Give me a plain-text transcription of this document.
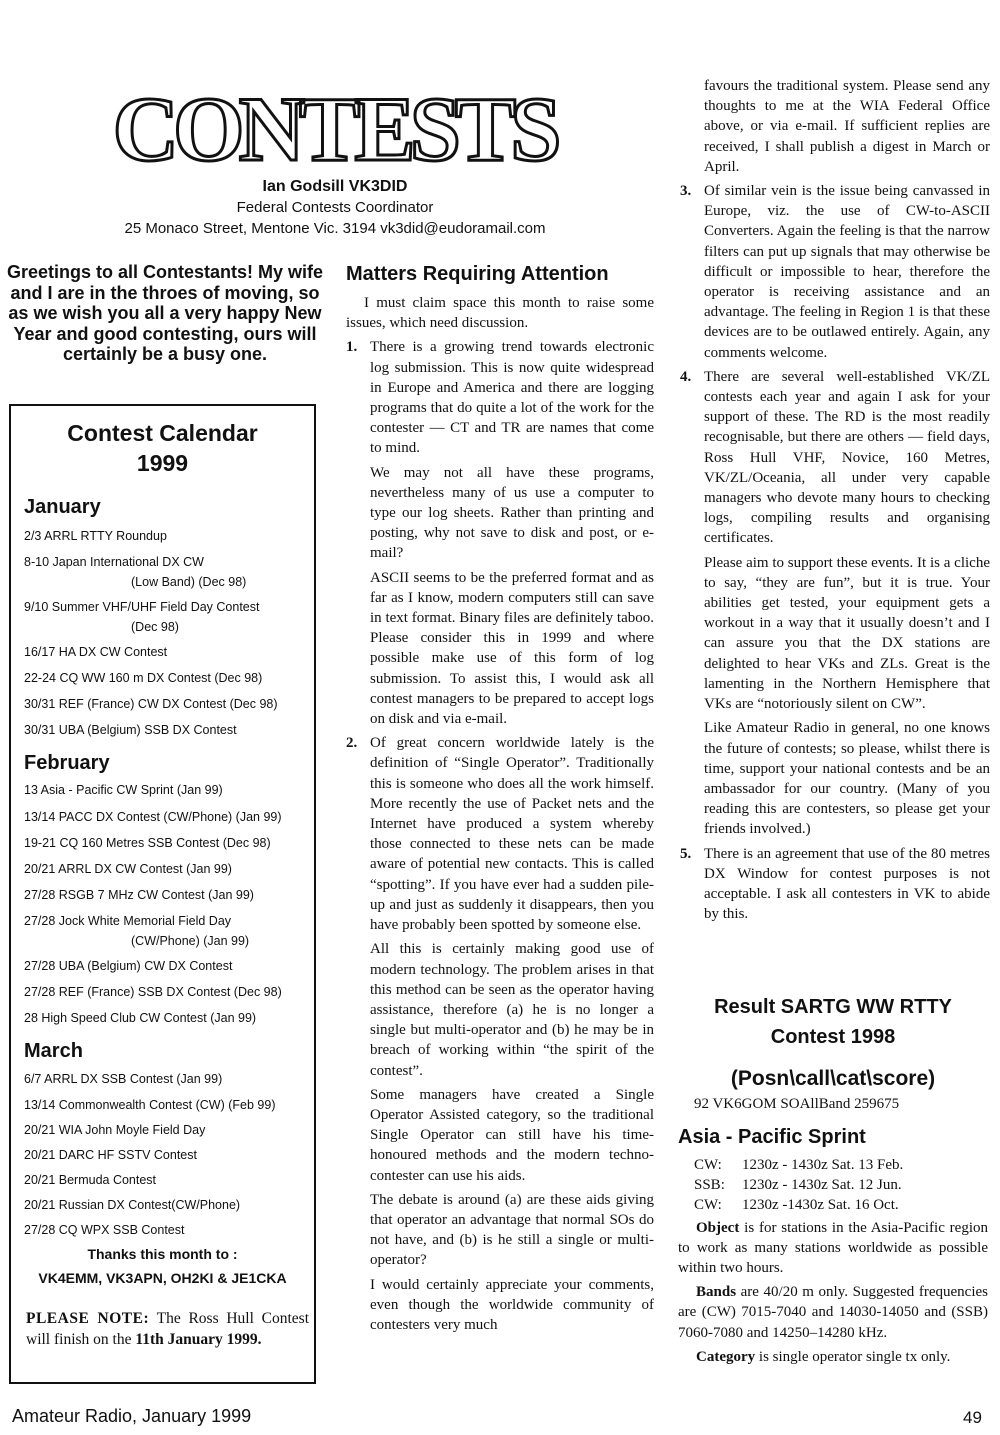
CONTESTS
Ian Godsill VK3DID
Federal Contests Coordinator
25 Monaco Street, Mentone Vic. 3194 vk3did@eudoramail.com
Greetings to all Contestants! My wife and I are in the throes of moving, so as we wish you all a very happy New Year and good contesting, ours will certainly be a busy one.
Contest Calendar
1999
January
2/3 ARRL RTTY Roundup
8-10 Japan International DX CW
(Low Band) (Dec 98)
9/10 Summer VHF/UHF Field Day Contest
(Dec 98)
16/17 HA DX CW Contest
22-24 CQ WW 160 m DX Contest (Dec 98)
30/31 REF (France) CW DX Contest (Dec 98)
30/31 UBA (Belgium) SSB DX Contest
February
13 Asia - Pacific CW Sprint (Jan 99)
13/14 PACC DX Contest (CW/Phone) (Jan 99)
19-21 CQ 160 Metres SSB Contest (Dec 98)
20/21 ARRL DX CW Contest (Jan 99)
27/28 RSGB 7 MHz CW Contest (Jan 99)
27/28 Jock White Memorial Field Day
(CW/Phone) (Jan 99)
27/28 UBA (Belgium) CW DX Contest
27/28 REF (France) SSB DX Contest (Dec 98)
28 High Speed Club CW Contest (Jan 99)
March
6/7 ARRL DX SSB Contest (Jan 99)
13/14 Commonwealth Contest (CW) (Feb 99)
20/21 WIA John Moyle Field Day
20/21 DARC HF SSTV Contest
20/21 Bermuda Contest
20/21 Russian DX Contest(CW/Phone)
27/28 CQ WPX SSB Contest
Thanks this month to :
VK4EMM, VK3APN, OH2KI & JE1CKA
PLEASE NOTE: The Ross Hull Contest will finish on the 11th January 1999.
Matters Requiring Attention

I must claim space this month to raise some issues, which need discussion.

1. There is a growing trend towards electronic log submission. This is now quite widespread in Europe and America and there are logging programs that do quite a lot of the work for the contester — CT and TR are names that come to mind.

We may not all have these programs, nevertheless many of us use a computer to type our log sheets. Rather than printing and posting, why not save to disk and post, or e-mail?

ASCII seems to be the preferred format and as far as I know, modern computers still can save in text format. Binary files are definitely taboo. Please consider this in 1999 and where possible make use of this form of log submission. To assist this, I would ask all contest managers to be prepared to accept logs on disk and via e-mail.

2. Of great concern worldwide lately is the definition of “Single Operator”. Traditionally this is someone who does all the work himself. More recently the use of Packet nets and the Internet have produced a system whereby those connected to these nets can be made aware of potential new contacts. This is called “spotting”. If you have ever had a sudden pile-up and just as suddenly it disappears, then you have probably been spotted by someone else.

All this is certainly making good use of modern technology. The problem arises in that this method can be seen as the operator having assistance, therefore (a) he is no longer a single but multi-operator and (b) he may be in breach of working within “the spirit of the contest”.

Some managers have created a Single Operator Assisted category, so the traditional Single Operator can still have his time-honoured methods and the modern techno-contester can use his aids.

The debate is around (a) are these aids giving that operator an advantage that normal SOs do not have, and (b) is he still a single or multi-operator?

I would certainly appreciate your comments, even though the worldwide community of contesters very much

favours the traditional system. Please send any thoughts to me at the WIA Federal Office above, or via e-mail. If sufficient replies are received, I shall publish a digest in March or April.

3. Of similar vein is the issue being canvassed in Europe, viz. the use of CW-to-ASCII Converters. Again the feeling is that the narrow filters can put up signals that may otherwise be difficult or impossible to hear, therefore the operator is receiving assistance and an advantage. The feeling in Region 1 is that these devices are to be outlawed entirely. Again, any comments welcome.

4. There are several well-established VK/ZL contests each year and again I ask for your support of these. The RD is the most readily recognisable, but there are others — field days, Ross Hull VHF, Novice, 160 Metres, VK/ZL/Oceania, all under very capable managers who devote many hours to checking logs, compiling results and organising certificates.

Please aim to support these events. It is a cliche to say, “they are fun”, but it is true. Your abilities get tested, your equipment gets a workout in a way that it usually doesn’t and I can assure you that the DX stations are delighted to hear VKs and ZLs. Great is the lamenting in the Northern Hemisphere that VKs are “notoriously silent on CW”.

Like Amateur Radio in general, no one knows the future of contests; so please, whilst there is time, support your national contests and be an ambassador for our country. (Many of you reading this are contesters, so please get your friends involved.)

5. There is an agreement that use of the 80 metres DX Window for contest purposes is not acceptable. I ask all contesters in VK to abide by this.

Result SARTG WW RTTY
Contest 1998
(Posn\call\cat\score)
92 VK6GOM SOAllBand 259675
Asia - Pacific Sprint
CW: 1230z - 1430z Sat. 13 Feb.
SSB: 1230z - 1430z Sat. 12 Jun.
CW: 1230z -1430z Sat. 16 Oct.

Object is for stations in the Asia-Pacific region to work as many stations worldwide as possible within two hours.

Bands are 40/20 m only. Suggested frequencies are (CW) 7015-7040 and 14030-14050 and (SSB) 7060-7080 and 14250–14280 kHz.

Category is single operator single tx only.

Amateur Radio, January 1999	49
